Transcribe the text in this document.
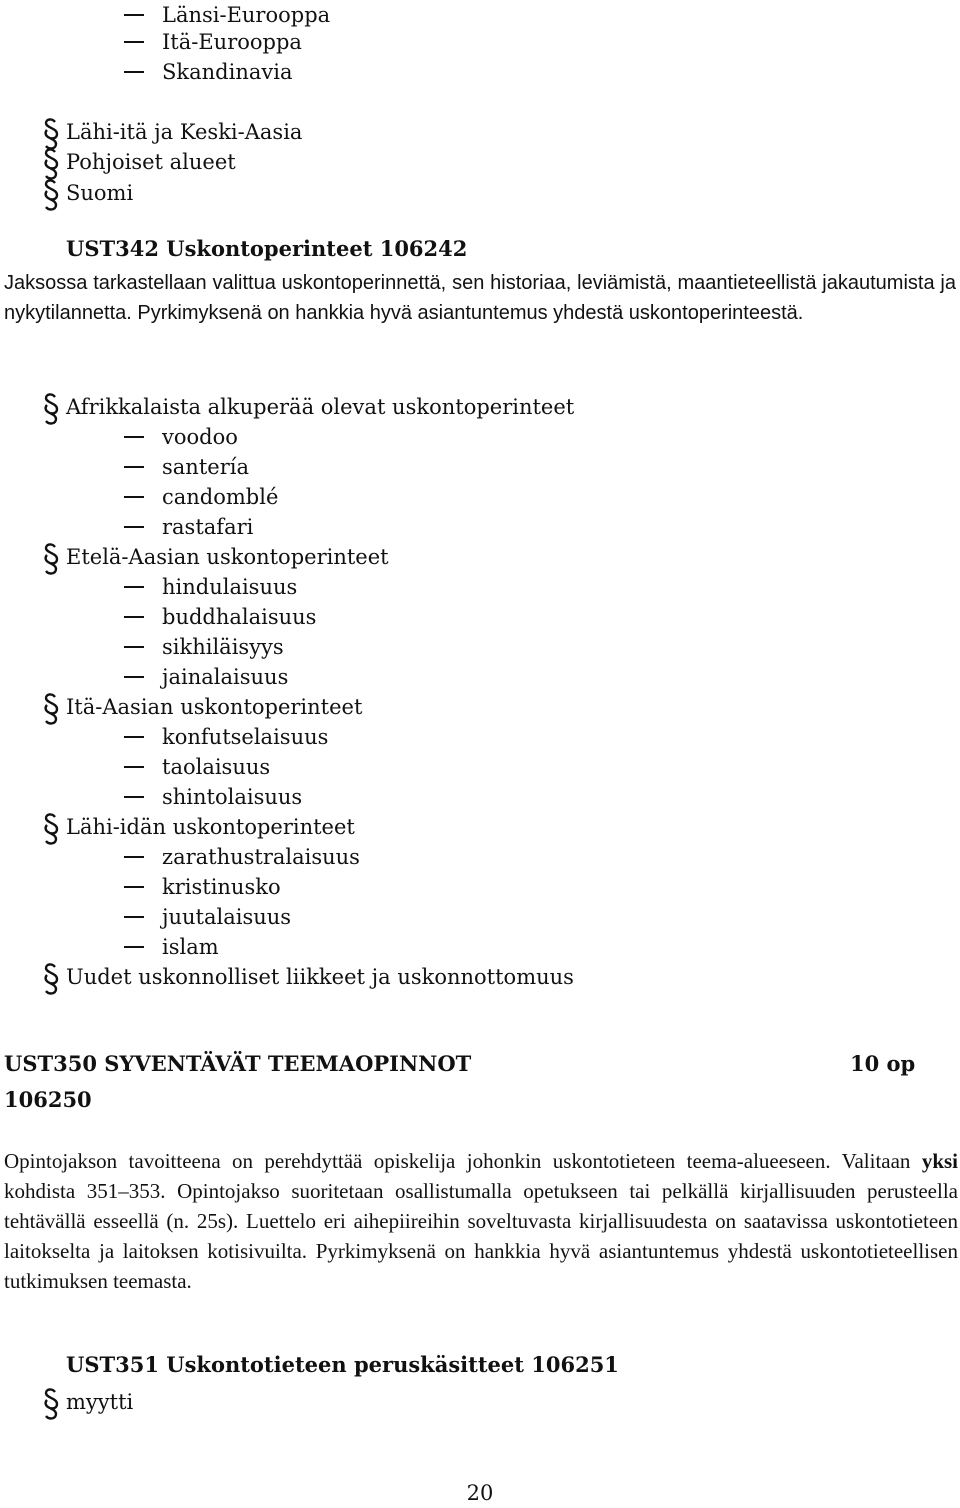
Länsi-Eurooppa
Itä-Eurooppa
Skandinavia
Lähi-itä ja Keski-Aasia
Pohjoiset alueet
Suomi
UST342 Uskontoperinteet 106242
Jaksossa tarkastellaan valittua uskontoperinnettä, sen historiaa, leviämistä, maantieteellistä jakautumista ja nykytilannetta. Pyrkimyksenä on hankkia hyvä asiantuntemus yhdestä uskontoperinteestä.
Afrikkalaista alkuperää olevat uskontoperinteet
voodoo
santería
candomblé
rastafari
Etelä-Aasian uskontoperinteet
hindulaisuus
buddhalaisuus
sikhiläisyys
jainalaisuus
Itä-Aasian uskontoperinteet
konfutselaisuus
taolaisuus
shintolaisuus
Lähi-idän uskontoperinteet
zarathustralaisuus
kristinusko
juutalaisuus
islam
Uudet uskonnolliset liikkeet ja uskonnottomuus
UST350 SYVENTÄVÄT TEEMAOPINNOT	10 op
106250
Opintojakson tavoitteena on perehdyttää opiskelija johonkin uskontotieteen teema-alueeseen. Valitaan yksi kohdista 351–353. Opintojakso suoritetaan osallistumalla opetukseen tai pelkällä kirjallisuuden perusteella tehtävällä esseellä (n. 25s). Luettelo eri aihepiireihin soveltuvasta kirjallisuudesta on saatavissa uskontotieteen laitokselta ja laitoksen kotisivuilta. Pyrkimyksenä on hankkia hyvä asiantuntemus yhdestä uskontotieteellisen tutkimuksen teemasta.
UST351 Uskontotieteen peruskäsitteet 106251
myytti
20
